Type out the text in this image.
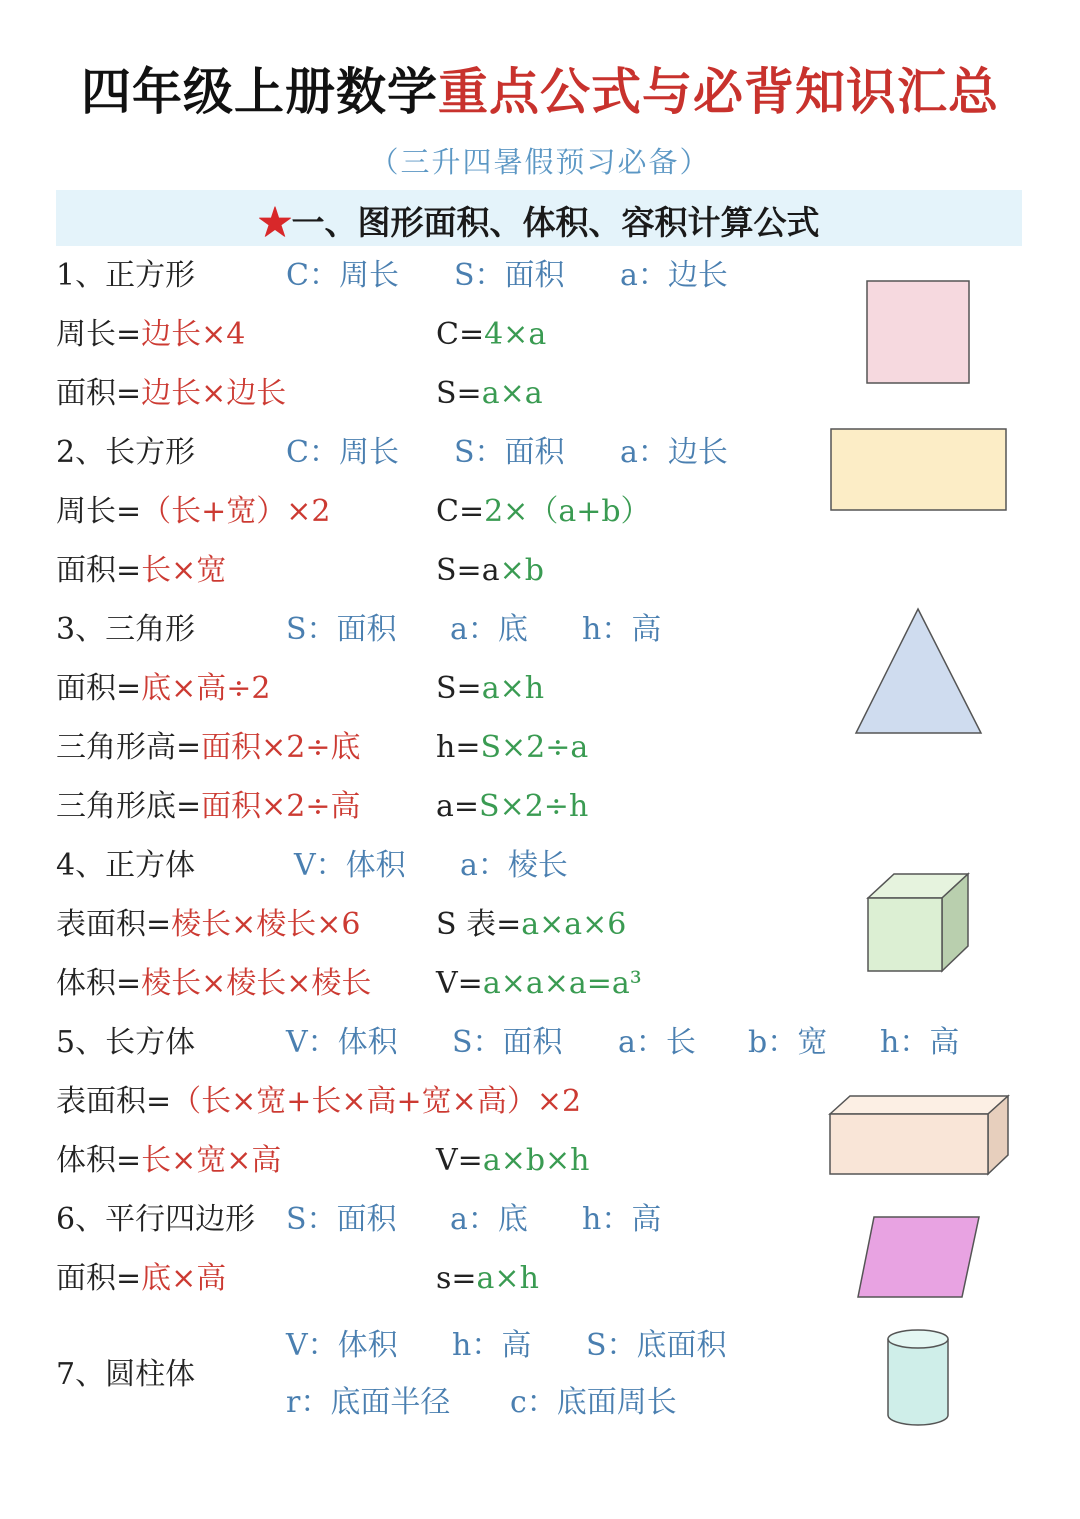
四年级上册数学重点公式与必背知识汇总
（三升四暑假预习必备）
★一、图形面积、体积、容积计算公式
1、正方形	C：周长 S：面积 a：边长
周长=边长×4	C=4×a
面积=边长×边长	S=a×a
2、长方形	C：周长 S：面积 a：边长
周长=（长+宽）×2	C=2×（a+b）
面积=长×宽	S=a×b
3、三角形	S：面积 a：底 h：高
面积=底×高÷2	S=a×h
三角形高=面积×2÷底	h=S×2÷a
三角形底=面积×2÷高	a=S×2÷h
4、正方体	V：体积 a：棱长
表面积=棱长×棱长×6	S 表=a×a×6
体积=棱长×棱长×棱长 V=a×a×a=a³
5、长方体	V：体积 S：面积 a：长 b：宽 h：高
表面积=（长×宽+长×高+宽×高）×2
体积=长×宽×高	V=a×b×h
6、平行四边形 S：面积 a：底 h：高
面积=底×高	s=a×h
7、圆柱体
V：体积 h：高 S：底面积
r：底面半径 c：底面周长
